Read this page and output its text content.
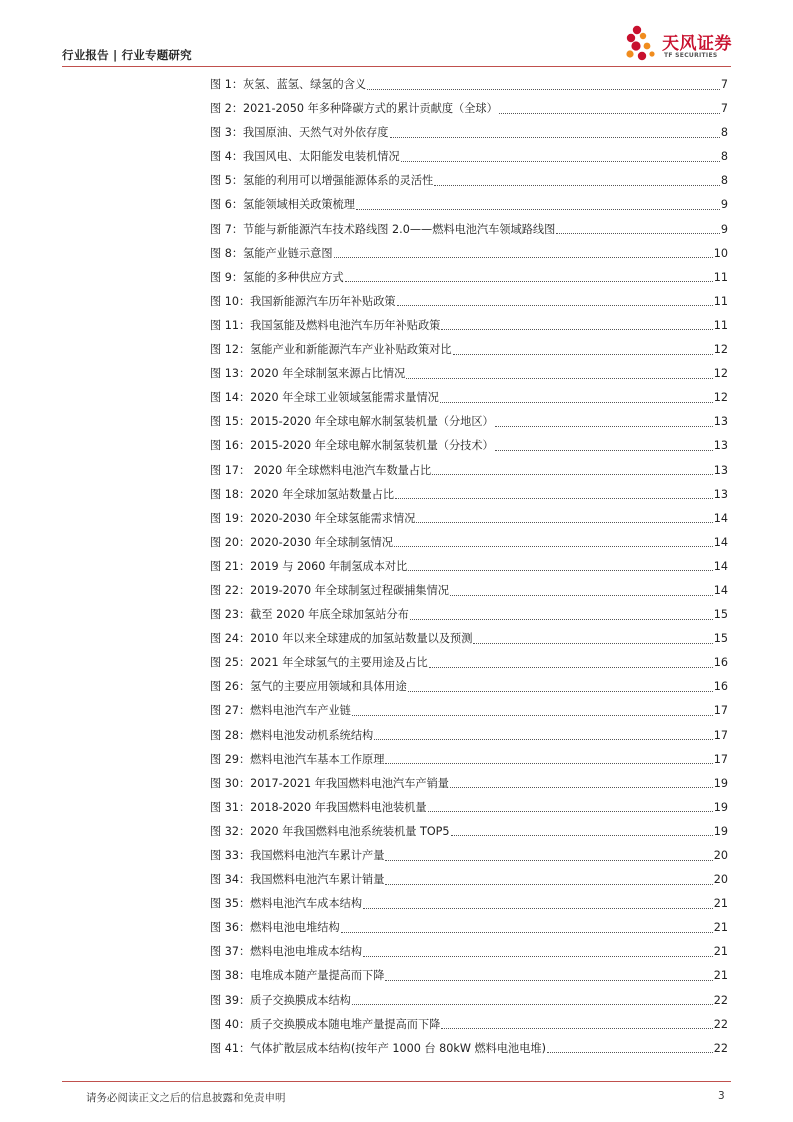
行业报告 | 行业专题研究
天风证券
TF SECURITIES
图 1：灰氢、蓝氢、绿氢的含义	7
图 2：2021-2050 年多种降碳方式的累计贡献度（全球）	7
图 3：我国原油、天然气对外依存度	8
图 4：我国风电、太阳能发电装机情况	8
图 5：氢能的利用可以增强能源体系的灵活性	8
图 6：氢能领域相关政策梳理	9
图 7：节能与新能源汽车技术路线图 2.0——燃料电池汽车领域路线图	9
图 8：氢能产业链示意图	10
图 9：氢能的多种供应方式	11
图 10：我国新能源汽车历年补贴政策	11
图 11：我国氢能及燃料电池汽车历年补贴政策	11
图 12：氢能产业和新能源汽车产业补贴政策对比	12
图 13：2020 年全球制氢来源占比情况	12
图 14：2020 年全球工业领域氢能需求量情况	12
图 15：2015-2020 年全球电解水制氢装机量（分地区）	13
图 16：2015-2020 年全球电解水制氢装机量（分技术）	13
图 17： 2020 年全球燃料电池汽车数量占比	13
图 18：2020 年全球加氢站数量占比	13
图 19：2020-2030 年全球氢能需求情况	14
图 20：2020-2030 年全球制氢情况	14
图 21：2019 与 2060 年制氢成本对比	14
图 22：2019-2070 年全球制氢过程碳捕集情况	14
图 23：截至 2020 年底全球加氢站分布	15
图 24：2010 年以来全球建成的加氢站数量以及预测	15
图 25：2021 年全球氢气的主要用途及占比	16
图 26：氢气的主要应用领域和具体用途	16
图 27：燃料电池汽车产业链	17
图 28：燃料电池发动机系统结构	17
图 29：燃料电池汽车基本工作原理	17
图 30：2017-2021 年我国燃料电池汽车产销量	19
图 31：2018-2020 年我国燃料电池装机量	19
图 32：2020 年我国燃料电池系统装机量 TOP5	19
图 33：我国燃料电池汽车累计产量	20
图 34：我国燃料电池汽车累计销量	20
图 35：燃料电池汽车成本结构	21
图 36：燃料电池电堆结构	21
图 37：燃料电池电堆成本结构	21
图 38：电堆成本随产量提高而下降	21
图 39：质子交换膜成本结构	22
图 40：质子交换膜成本随电堆产量提高而下降	22
图 41：气体扩散层成本结构(按年产 1000 台 80kW 燃料电池电堆)	22
请务必阅读正文之后的信息披露和免责申明	3
